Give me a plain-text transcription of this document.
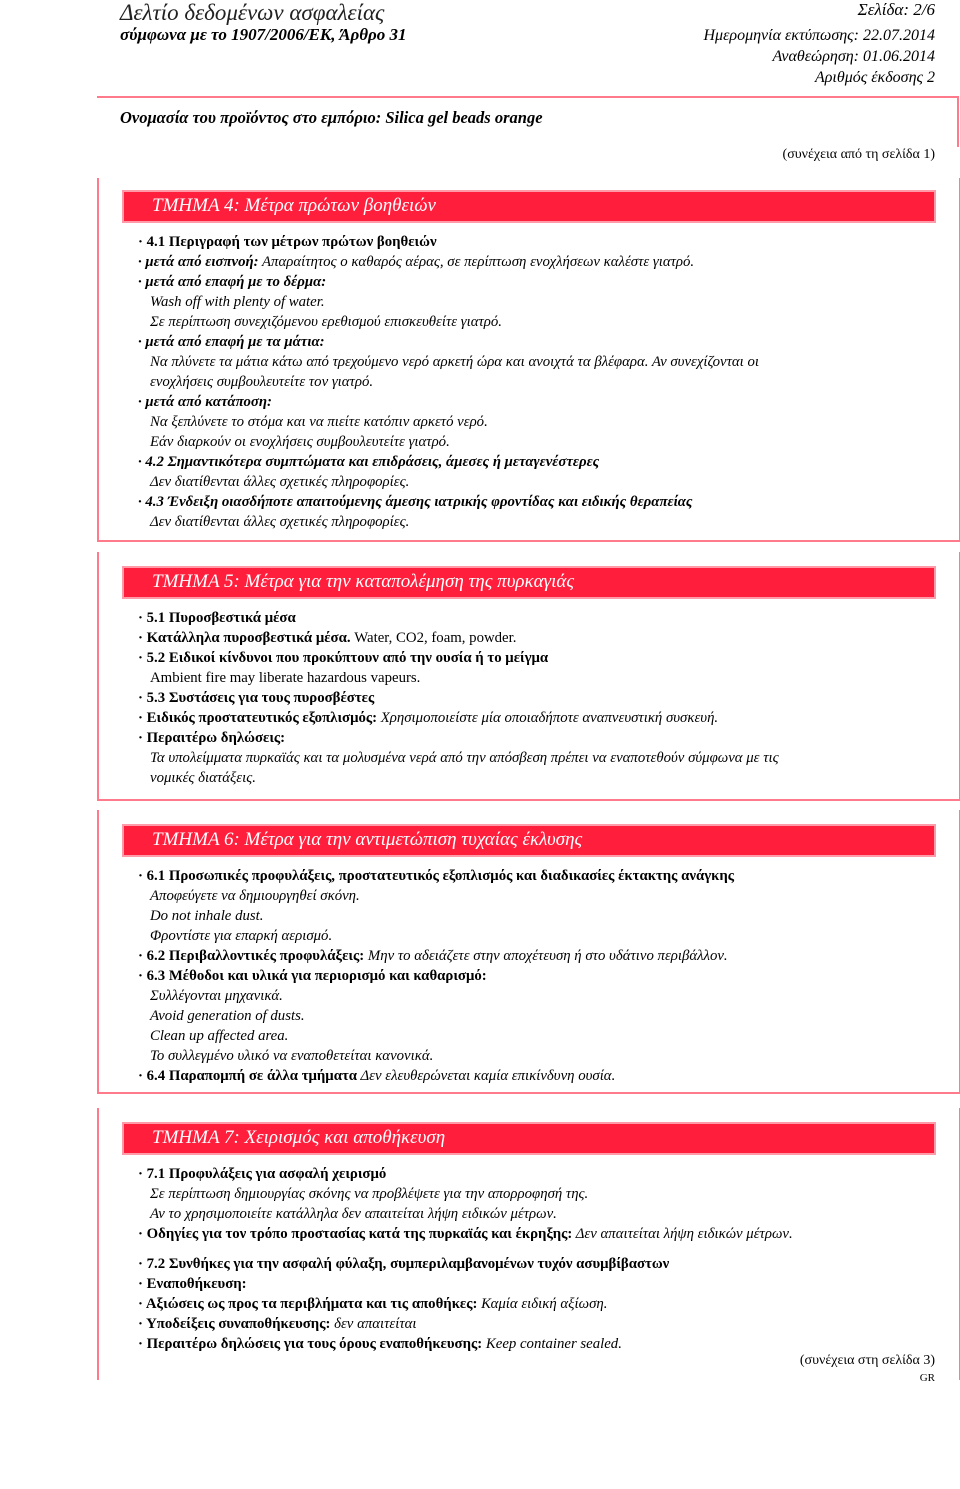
Δελτίο δεδομένων ασφαλείας
σύμφωνα με το 1907/2006/ΕΚ, Άρθρο 31
Σελίδα: 2/6
Ημερομηνία εκτύπωσης: 22.07.2014
Αναθεώρηση: 01.06.2014
Αριθμός έκδοσης 2
Ονομασία του προϊόντος στο εμπόριο: Silica gel beads orange
(συνέχεια από τη σελίδα 1)
ΤΜΗΜΑ 4: Μέτρα πρώτων βοηθειών
· 4.1 Περιγραφή των μέτρων πρώτων βοηθειών
· μετά από εισπνοή: Απαραίτητος ο καθαρός αέρας, σε περίπτωση ενοχλήσεων καλέστε γιατρό.
· μετά από επαφή με το δέρμα:
Wash off with plenty of water.
Σε περίπτωση συνεχιζόμενου ερεθισμού επισκευθείτε γιατρό.
· μετά από επαφή με τα μάτια:
Να πλύνετε τα μάτια κάτω από τρεχούμενο νερό αρκετή ώρα και ανοιχτά τα βλέφαρα. Αν συνεχίζονται οι
ενοχλήσεις συμβουλευτείτε τον γιατρό.
· μετά από κατάποση:
Να ξεπλύνετε το στόμα και να πιείτε κατόπιν αρκετό νερό.
Εάν διαρκούν οι ενοχλήσεις συμβουλευτείτε γιατρό.
· 4.2 Σημαντικότερα συμπτώματα και επιδράσεις, άμεσες ή μεταγενέστερες
Δεν διατίθενται άλλες σχετικές πληροφορίες.
· 4.3 Ένδειξη οιασδήποτε απαιτούμενης άμεσης ιατρικής φροντίδας και ειδικής θεραπείας
Δεν διατίθενται άλλες σχετικές πληροφορίες.
ΤΜΗΜΑ 5: Μέτρα για την καταπολέμηση της πυρκαγιάς
· 5.1 Πυροσβεστικά μέσα
· Κατάλληλα πυροσβεστικά μέσα. Water, CO2, foam, powder.
· 5.2 Ειδικοί κίνδυνοι που προκύπτουν από την ουσία ή το μείγμα
Ambient fire may liberate hazardous vapeurs.
· 5.3 Συστάσεις για τους πυροσβέστες
· Ειδικός προστατευτικός εξοπλισμός: Χρησιμοποιείστε μία οποιαδήποτε αναπνευστική συσκευή.
· Περαιτέρω δηλώσεις:
Τα υπολείμματα πυρκαϊάς και τα μολυσμένα νερά από την απόσβεση πρέπει να εναποτεθούν σύμφωνα με τις
νομικές διατάξεις.
ΤΜΗΜΑ 6: Μέτρα για την αντιμετώπιση τυχαίας έκλυσης
· 6.1 Προσωπικές προφυλάξεις, προστατευτικός εξοπλισμός και διαδικασίες έκτακτης ανάγκης
Αποφεύγετε να δημιουργηθεί σκόνη.
Do not inhale dust.
Φροντίστε για επαρκή αερισμό.
· 6.2 Περιβαλλοντικές προφυλάξεις: Μην το αδειάζετε στην αποχέτευση ή στο υδάτινο περιβάλλον.
· 6.3 Μέθοδοι και υλικά για περιορισμό και καθαρισμό:
Συλλέγονται μηχανικά.
Avoid generation of dusts.
Clean up affected area.
Το συλλεγμένο υλικό να εναποθετείται κανονικά.
· 6.4 Παραπομπή σε άλλα τμήματα Δεν ελευθερώνεται καμία επικίνδυνη ουσία.
ΤΜΗΜΑ 7: Χειρισμός και αποθήκευση
· 7.1 Προφυλάξεις για ασφαλή χειρισμό
Σε περίπτωση δημιουργίας σκόνης να προβλέψετε για την απορροφησή της.
Αν το χρησιμοποιείτε κατάλληλα δεν απαιτείται λήψη ειδικών μέτρων.
· Οδηγίες για τον τρόπο προστασίας κατά της πυρκαϊάς και έκρηξης: Δεν απαιτείται λήψη ειδικών μέτρων.
· 7.2 Συνθήκες για την ασφαλή φύλαξη, συμπεριλαμβανομένων τυχόν ασυμβίβαστων
· Εναποθήκευση:
· Αξιώσεις ως προς τα περιβλήματα και τις αποθήκες: Καμία ειδική αξίωση.
· Υποδείξεις συναποθήκευσης: δεν απαιτείται
· Περαιτέρω δηλώσεις για τους όρους εναποθήκευσης: Keep container sealed.
(συνέχεια στη σελίδα 3)
GR
